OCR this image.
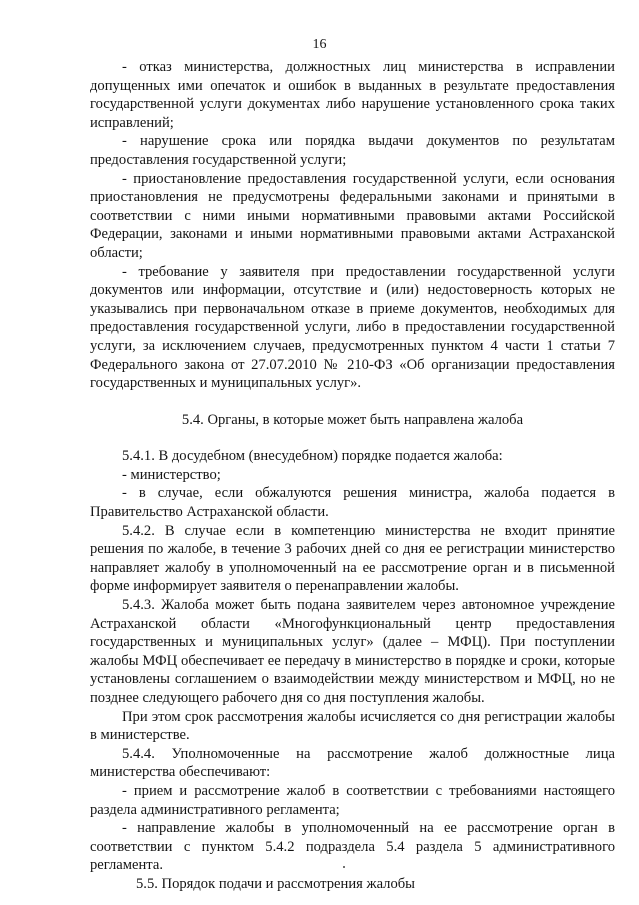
16

- отказ министерства, должностных лиц министерства в исправлении допущенных ими опечаток и ошибок в выданных в результате предоставления государственной услуги документах либо нарушение установленного срока таких исправлений;

- нарушение срока или порядка выдачи документов по результатам предоставления государственной услуги;

- приостановление предоставления государственной услуги, если основания приостановления не предусмотрены федеральными законами и принятыми в соответствии с ними иными нормативными правовыми актами Российской Федерации, законами и иными нормативными правовыми актами Астраханской области;

- требование у заявителя при предоставлении государственной услуги документов или информации, отсутствие и (или) недостоверность которых не указывались при первоначальном отказе в приеме документов, необходимых для предоставления государственной услуги, либо в предоставлении государственной услуги, за исключением случаев, предусмотренных пунктом 4 части 1 статьи 7 Федерального закона от 27.07.2010 № 210-ФЗ «Об организации предоставления государственных и муниципальных услуг».

5.4. Органы, в которые может быть направлена жалоба

5.4.1. В досудебном (внесудебном) порядке подается жалоба:

- министерство;

- в случае, если обжалуются решения министра, жалоба подается в Правительство Астраханской области.

5.4.2. В случае если в компетенцию министерства не входит принятие решения по жалобе, в течение 3 рабочих дней со дня ее регистрации министерство направляет жалобу в уполномоченный на ее рассмотрение орган и в письменной форме информирует заявителя о перенаправлении жалобы.

5.4.3. Жалоба может быть подана заявителем через автономное учреждение Астраханской области «Многофункциональный центр предоставления государственных и муниципальных услуг» (далее – МФЦ). При поступлении жалобы МФЦ обеспечивает ее передачу в министерство в порядке и сроки, которые установлены соглашением о взаимодействии между министерством и МФЦ, но не позднее следующего рабочего дня со дня поступления жалобы.

При этом срок рассмотрения жалобы исчисляется со дня регистрации жалобы в министерстве.

5.4.4. Уполномоченные на рассмотрение жалоб должностные лица министерства обеспечивают:

- прием и рассмотрение жалоб в соответствии с требованиями настоящего раздела административного регламента;

- направление жалобы в уполномоченный на ее рассмотрение орган в соответствии с пунктом 5.4.2 подраздела 5.4 раздела 5 административного регламента.

5.5. Порядок подачи и рассмотрения жалобы
